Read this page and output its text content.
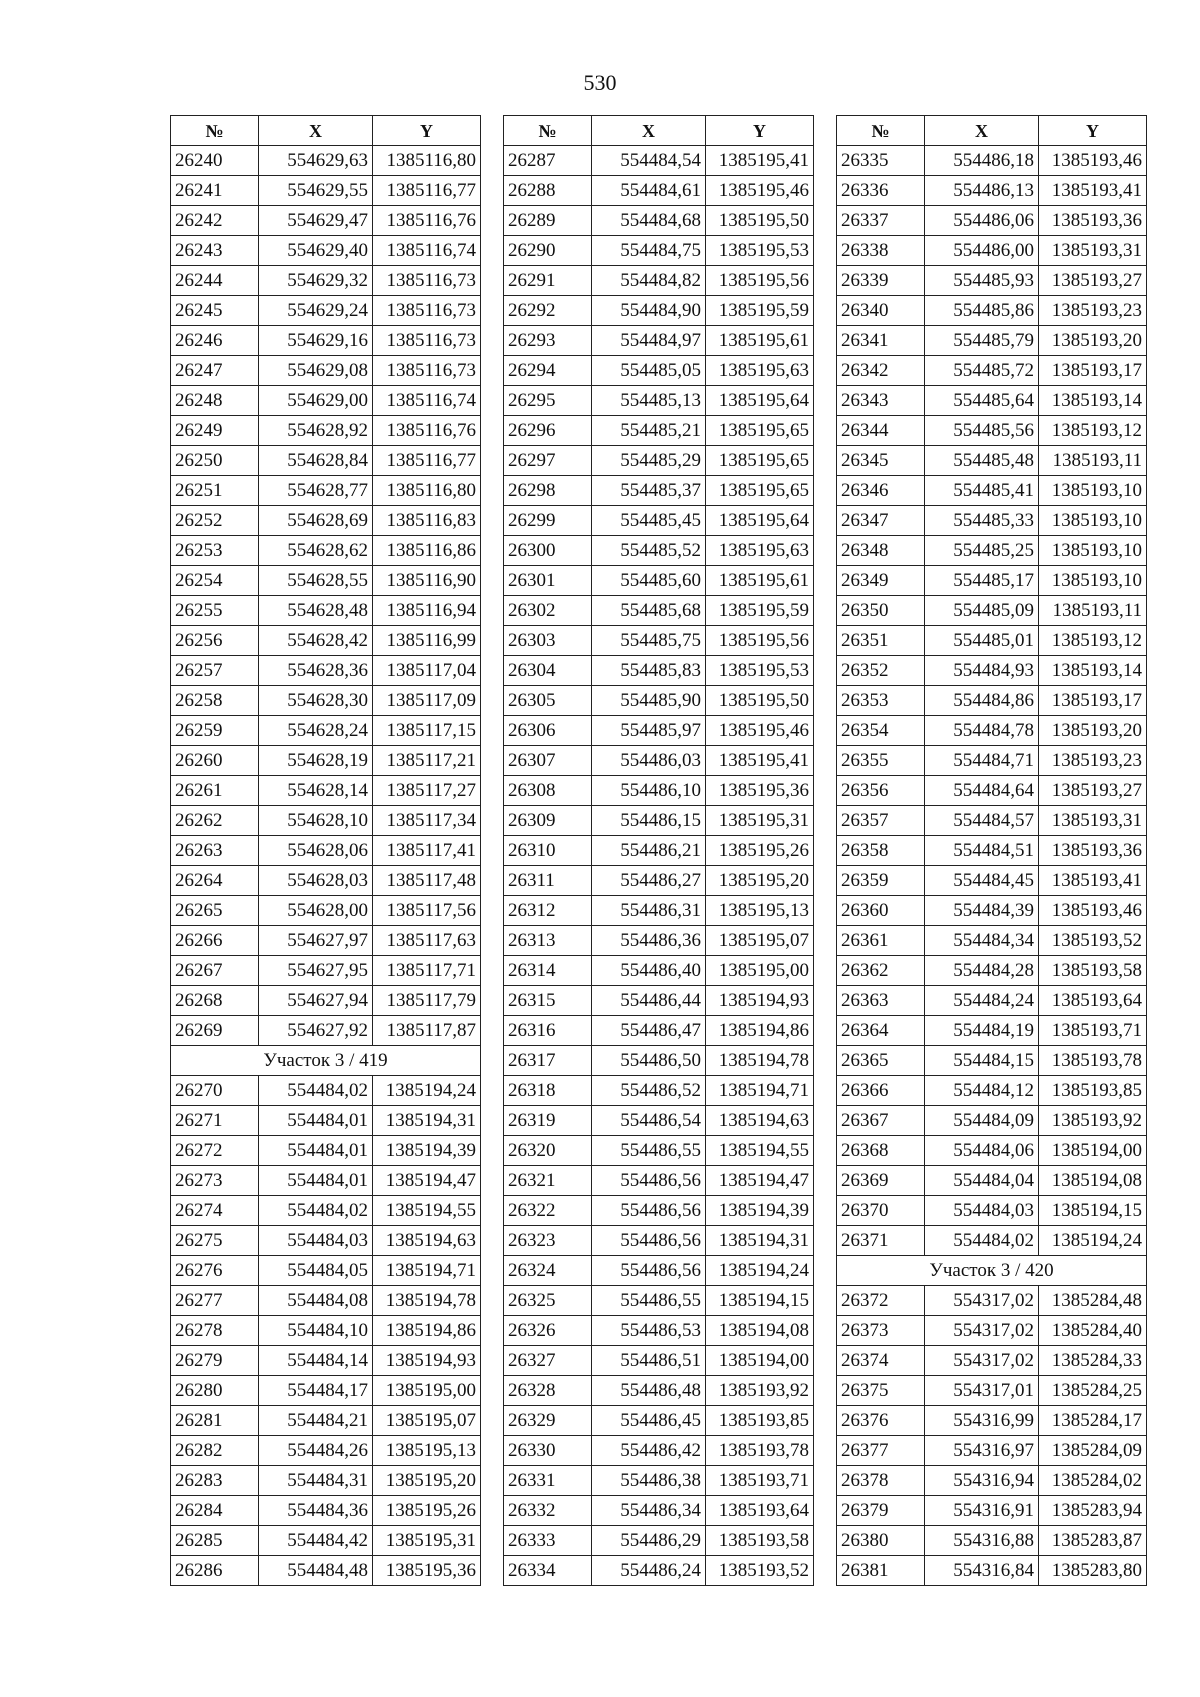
530
№	X	Y
26240	554629,63	1385116,80
26241	554629,55	1385116,77
26242	554629,47	1385116,76
26243	554629,40	1385116,74
26244	554629,32	1385116,73
26245	554629,24	1385116,73
26246	554629,16	1385116,73
26247	554629,08	1385116,73
26248	554629,00	1385116,74
26249	554628,92	1385116,76
26250	554628,84	1385116,77
26251	554628,77	1385116,80
26252	554628,69	1385116,83
26253	554628,62	1385116,86
26254	554628,55	1385116,90
26255	554628,48	1385116,94
26256	554628,42	1385116,99
26257	554628,36	1385117,04
26258	554628,30	1385117,09
26259	554628,24	1385117,15
26260	554628,19	1385117,21
26261	554628,14	1385117,27
26262	554628,10	1385117,34
26263	554628,06	1385117,41
26264	554628,03	1385117,48
26265	554628,00	1385117,56
26266	554627,97	1385117,63
26267	554627,95	1385117,71
26268	554627,94	1385117,79
26269	554627,92	1385117,87
Участок 3 / 419		
26270	554484,02	1385194,24
26271	554484,01	1385194,31
26272	554484,01	1385194,39
26273	554484,01	1385194,47
26274	554484,02	1385194,55
26275	554484,03	1385194,63
26276	554484,05	1385194,71
26277	554484,08	1385194,78
26278	554484,10	1385194,86
26279	554484,14	1385194,93
26280	554484,17	1385195,00
26281	554484,21	1385195,07
26282	554484,26	1385195,13
26283	554484,31	1385195,20
26284	554484,36	1385195,26
26285	554484,42	1385195,31
26286	554484,48	1385195,36
№	X	Y
26287	554484,54	1385195,41
26288	554484,61	1385195,46
26289	554484,68	1385195,50
26290	554484,75	1385195,53
26291	554484,82	1385195,56
26292	554484,90	1385195,59
26293	554484,97	1385195,61
26294	554485,05	1385195,63
26295	554485,13	1385195,64
26296	554485,21	1385195,65
26297	554485,29	1385195,65
26298	554485,37	1385195,65
26299	554485,45	1385195,64
26300	554485,52	1385195,63
26301	554485,60	1385195,61
26302	554485,68	1385195,59
26303	554485,75	1385195,56
26304	554485,83	1385195,53
26305	554485,90	1385195,50
26306	554485,97	1385195,46
26307	554486,03	1385195,41
26308	554486,10	1385195,36
26309	554486,15	1385195,31
26310	554486,21	1385195,26
26311	554486,27	1385195,20
26312	554486,31	1385195,13
26313	554486,36	1385195,07
26314	554486,40	1385195,00
26315	554486,44	1385194,93
26316	554486,47	1385194,86
26317	554486,50	1385194,78
26318	554486,52	1385194,71
26319	554486,54	1385194,63
26320	554486,55	1385194,55
26321	554486,56	1385194,47
26322	554486,56	1385194,39
26323	554486,56	1385194,31
26324	554486,56	1385194,24
26325	554486,55	1385194,15
26326	554486,53	1385194,08
26327	554486,51	1385194,00
26328	554486,48	1385193,92
26329	554486,45	1385193,85
26330	554486,42	1385193,78
26331	554486,38	1385193,71
26332	554486,34	1385193,64
26333	554486,29	1385193,58
26334	554486,24	1385193,52
№	X	Y
26335	554486,18	1385193,46
26336	554486,13	1385193,41
26337	554486,06	1385193,36
26338	554486,00	1385193,31
26339	554485,93	1385193,27
26340	554485,86	1385193,23
26341	554485,79	1385193,20
26342	554485,72	1385193,17
26343	554485,64	1385193,14
26344	554485,56	1385193,12
26345	554485,48	1385193,11
26346	554485,41	1385193,10
26347	554485,33	1385193,10
26348	554485,25	1385193,10
26349	554485,17	1385193,10
26350	554485,09	1385193,11
26351	554485,01	1385193,12
26352	554484,93	1385193,14
26353	554484,86	1385193,17
26354	554484,78	1385193,20
26355	554484,71	1385193,23
26356	554484,64	1385193,27
26357	554484,57	1385193,31
26358	554484,51	1385193,36
26359	554484,45	1385193,41
26360	554484,39	1385193,46
26361	554484,34	1385193,52
26362	554484,28	1385193,58
26363	554484,24	1385193,64
26364	554484,19	1385193,71
26365	554484,15	1385193,78
26366	554484,12	1385193,85
26367	554484,09	1385193,92
26368	554484,06	1385194,00
26369	554484,04	1385194,08
26370	554484,03	1385194,15
26371	554484,02	1385194,24
Участок 3 / 420		
26372	554317,02	1385284,48
26373	554317,02	1385284,40
26374	554317,02	1385284,33
26375	554317,01	1385284,25
26376	554316,99	1385284,17
26377	554316,97	1385284,09
26378	554316,94	1385284,02
26379	554316,91	1385283,94
26380	554316,88	1385283,87
26381	554316,84	1385283,80
